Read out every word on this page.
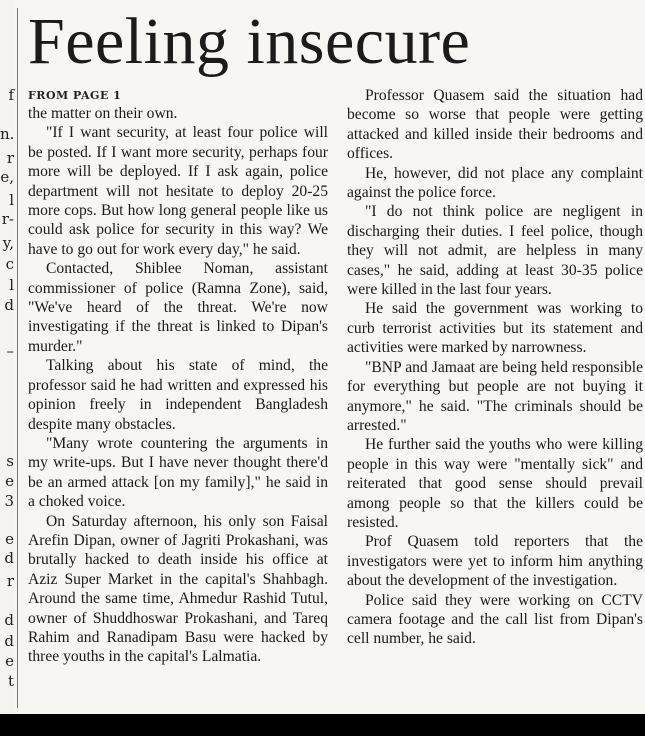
f
n.
r
e,
l
r-
y,
c
l
d
–
s
e
3
e
d
r
d
d
e
t
Feeling insecure
FROM PAGE 1

the matter on their own.

"If I want security, at least four police will be posted. If I want more security, perhaps four more will be deployed. If I ask again, police department will not hesitate to deploy 20-25 more cops. But how long general people like us could ask police for security in this way? We have to go out for work every day," he said.

Contacted, Shiblee Noman, assistant commissioner of police (Ramna Zone), said, "We've heard of the threat. We're now investigating if the threat is linked to Dipan's murder."

Talking about his state of mind, the professor said he had written and expressed his opinion freely in independent Bangladesh despite many obstacles.

"Many wrote countering the arguments in my write-ups. But I have never thought there'd be an armed attack [on my family]," he said in a choked voice.

On Saturday afternoon, his only son Faisal Arefin Dipan, owner of Jagriti Prokashani, was brutally hacked to death inside his office at Aziz Super Market in the capital's Shahbagh. Around the same time, Ahmedur Rashid Tutul, owner of Shuddhoswar Prokashani, and Tareq Rahim and Ranadipam Basu were hacked by three youths in the capital's Lalmatia.

Professor Quasem said the situation had become so worse that people were getting attacked and killed inside their bedrooms and offices.

He, however, did not place any complaint against the police force.

"I do not think police are negligent in discharging their duties. I feel police, though they will not admit, are helpless in many cases," he said, adding at least 30-35 police were killed in the last four years.

He said the government was working to curb terrorist activities but its statement and activities were marked by narrowness.

"BNP and Jamaat are being held responsible for everything but people are not buying it anymore," he said. "The criminals should be arrested."

He further said the youths who were killing people in this way were "mentally sick" and reiterated that good sense should prevail among people so that the killers could be resisted.

Prof Quasem told reporters that the investigators were yet to inform him anything about the development of the investigation.

Police said they were working on CCTV camera footage and the call list from Dipan's cell number, he said.
